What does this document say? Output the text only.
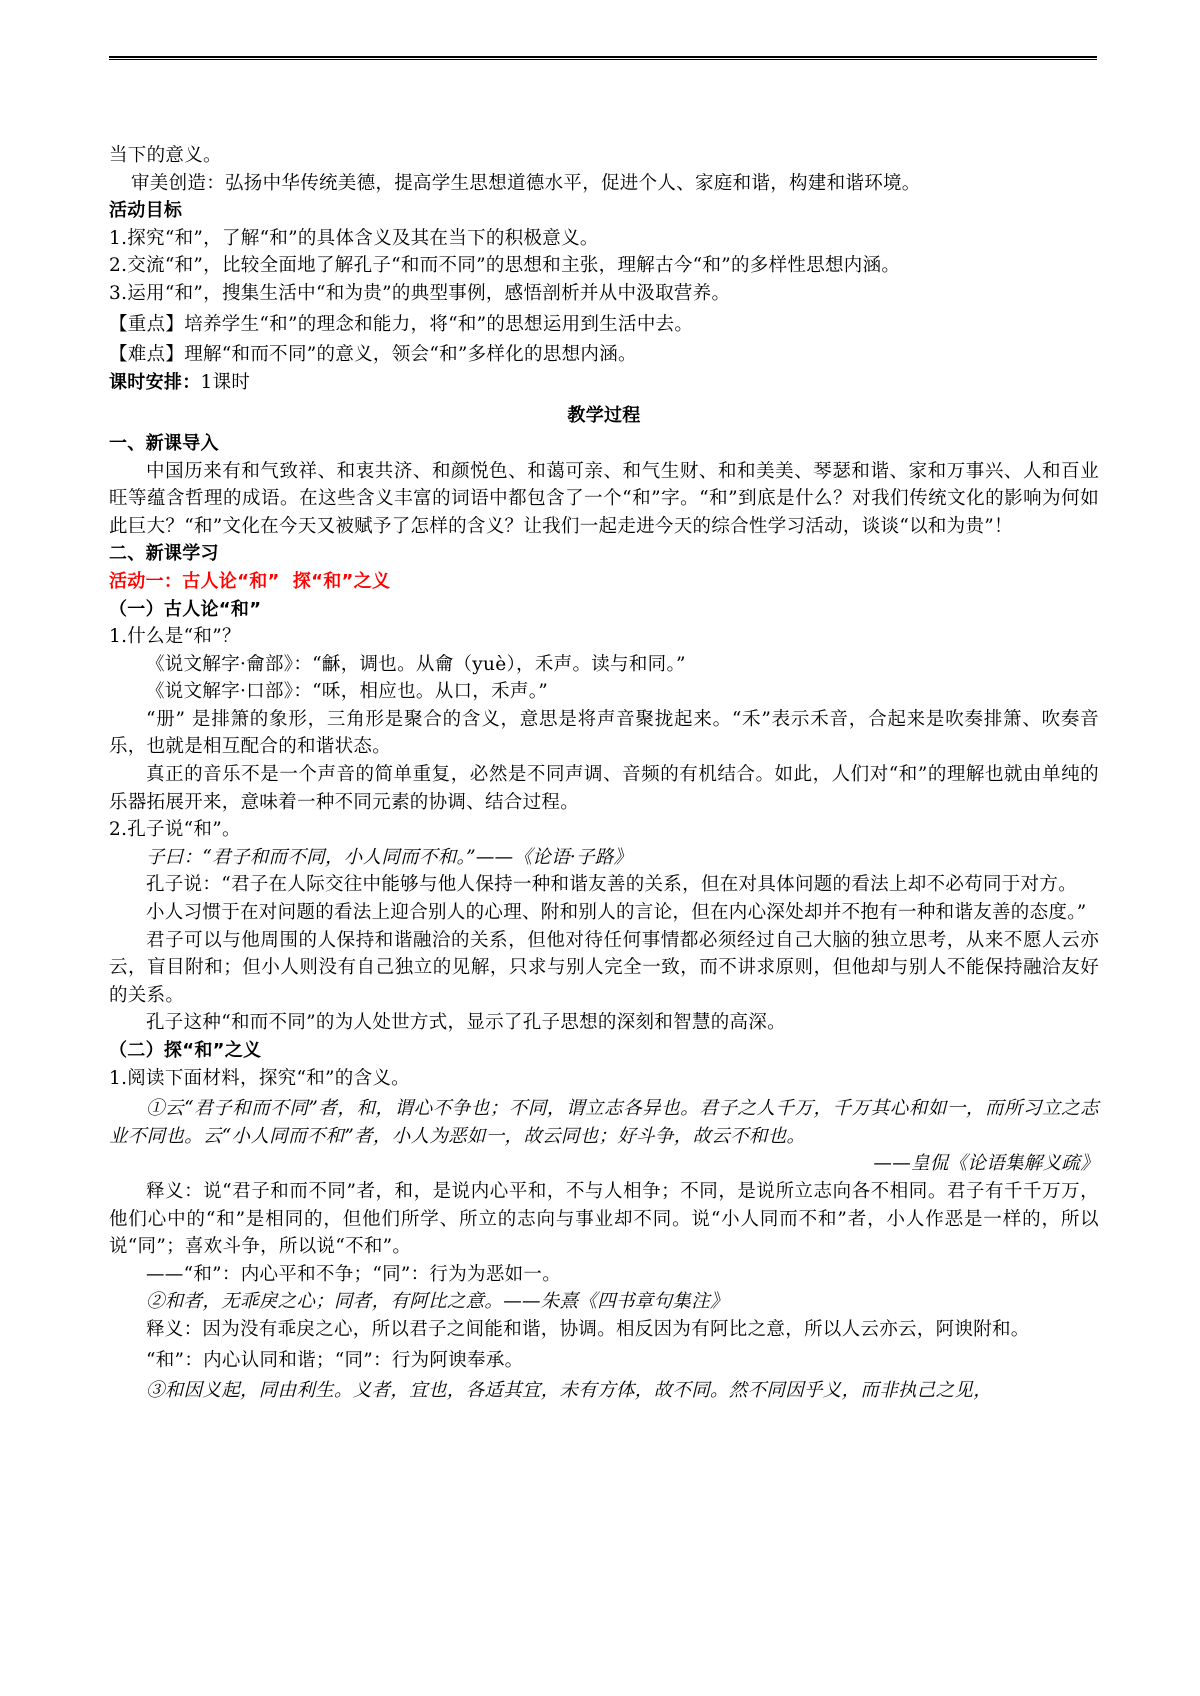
当下的意义。

审美创造：弘扬中华传统美德，提高学生思想道德水平，促进个人、家庭和谐，构建和谐环境。

活动目标

1.探究“和”，了解“和”的具体含义及其在当下的积极意义。

2.交流“和”，比较全面地了解孔子“和而不同”的思想和主张，理解古今“和”的多样性思想内涵。

3.运用“和”，搜集生活中“和为贵”的典型事例，感悟剖析并从中汲取营养。

【重点】培养学生“和”的理念和能力，将“和”的思想运用到生活中去。

【难点】理解“和而不同”的意义，领会“和”多样化的思想内涵。

课时安排：1课时

教学过程

一、新课导入

中国历来有和气致祥、和衷共济、和颜悦色、和蔼可亲、和气生财、和和美美、琴瑟和谐、家和万事兴、人和百业旺等蕴含哲理的成语。在这些含义丰富的词语中都包含了一个“和”字。“和”到底是什么？对我们传统文化的影响为何如此巨大？“和”文化在今天又被赋予了怎样的含义？让我们一起走进今天的综合性学习活动，谈谈“以和为贵”！

二、新课学习

活动一：古人论“和”  探“和”之义

（一）古人论“和”

1.什么是“和”？

《说文解字·龠部》：“龢，调也。从龠（yuè），禾声。读与和同。”

《说文解字·口部》：“咊，相应也。从口，禾声。”

“册” 是排箫的象形，三角形是聚合的含义，意思是将声音聚拢起来。“禾”表示禾音，合起来是吹奏排箫、吹奏音乐，也就是相互配合的和谐状态。

真正的音乐不是一个声音的简单重复，必然是不同声调、音频的有机结合。如此，人们对“和”的理解也就由单纯的乐器拓展开来，意味着一种不同元素的协调、结合过程。

2.孔子说“和”。

子曰：“君子和而不同，小人同而不和。”——《论语·子路》

孔子说：“君子在人际交往中能够与他人保持一种和谐友善的关系，但在对具体问题的看法上却不必苟同于对方。

小人习惯于在对问题的看法上迎合别人的心理、附和别人的言论，但在内心深处却并不抱有一种和谐友善的态度。”

君子可以与他周围的人保持和谐融洽的关系，但他对待任何事情都必须经过自己大脑的独立思考，从来不愿人云亦云，盲目附和；但小人则没有自己独立的见解，只求与别人完全一致，而不讲求原则，但他却与别人不能保持融洽友好的关系。

孔子这种“和而不同”的为人处世方式，显示了孔子思想的深刻和智慧的高深。

（二）探“和”之义

1.阅读下面材料，探究“和”的含义。

①云“君子和而不同”者，和，谓心不争也；不同，谓立志各异也。君子之人千万，千万其心和如一，而所习立之志业不同也。云“小人同而不和”者，小人为恶如一，故云同也；好斗争，故云不和也。

——皇侃《论语集解义疏》

释义：说“君子和而不同”者，和，是说内心平和，不与人相争；不同，是说所立志向各不相同。君子有千千万万，他们心中的“和”是相同的，但他们所学、所立的志向与事业却不同。说“小人同而不和”者，小人作恶是一样的，所以说“同”；喜欢斗争，所以说“不和”。

——“和”：内心平和不争；“同”：行为为恶如一。

②和者，无乖戾之心；同者，有阿比之意。——朱熹《四书章句集注》

释义：因为没有乖戾之心，所以君子之间能和谐，协调。相反因为有阿比之意，所以人云亦云，阿谀附和。

“和”：内心认同和谐；“同”：行为阿谀奉承。

③和因义起，同由利生。义者，宜也，各适其宜，未有方体，故不同。然不同因乎义，而非执己之见，
